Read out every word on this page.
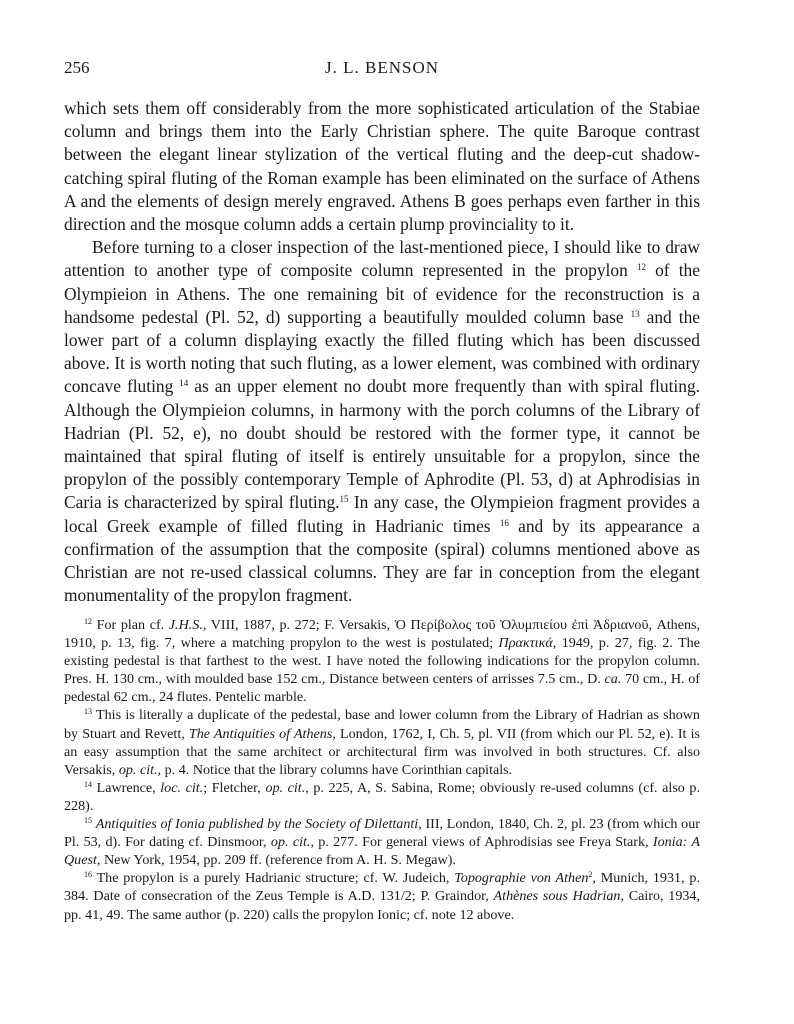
256	J. L. BENSON

which sets them off considerably from the more sophisticated articulation of the Stabiae column and brings them into the Early Christian sphere. The quite Baroque contrast between the elegant linear stylization of the vertical fluting and the deep-cut shadow-catching spiral fluting of the Roman example has been eliminated on the surface of Athens A and the elements of design merely engraved. Athens B goes perhaps even farther in this direction and the mosque column adds a certain plump provinciality to it.

Before turning to a closer inspection of the last-mentioned piece, I should like to draw attention to another type of composite column represented in the propylon $^{12}$ of the Olympieion in Athens. The one remaining bit of evidence for the reconstruction is a handsome pedestal (Pl. 52, d) supporting a beautifully moulded column base $^{13}$ and the lower part of a column displaying exactly the filled fluting which has been discussed above. It is worth noting that such fluting, as a lower element, was combined with ordinary concave fluting $^{14}$ as an upper element no doubt more frequently than with spiral fluting. Although the Olympieion columns, in harmony with the porch columns of the Library of Hadrian (Pl. 52, e), no doubt should be restored with the former type, it cannot be maintained that spiral fluting of itself is entirely unsuitable for a propylon, since the propylon of the possibly contemporary Temple of Aphrodite (Pl. 53, d) at Aphrodisias in Caria is characterized by spiral fluting.$^{15}$ In any case, the Olympieion fragment provides a local Greek example of filled fluting in Hadrianic times $^{16}$ and by its appearance a confirmation of the assumption that the composite (spiral) columns mentioned above as Christian are not re-used classical columns. They are far in conception from the elegant monumentality of the propylon fragment.

$^{12}$ For plan cf. J.H.S., VIII, 1887, p. 272; F. Versakis, Ὁ Περίβολος τοῦ Ὀλυμπιείου ἐπὶ Ἀδριανοῦ, Athens, 1910, p. 13, fig. 7, where a matching propylon to the west is postulated; Πρακτικά, 1949, p. 27, fig. 2. The existing pedestal is that farthest to the west. I have noted the following indications for the propylon column. Pres. H. 130 cm., with moulded base 152 cm., Distance between centers of arrisses 7.5 cm., D. ca. 70 cm., H. of pedestal 62 cm., 24 flutes. Pentelic marble.

$^{13}$ This is literally a duplicate of the pedestal, base and lower column from the Library of Hadrian as shown by Stuart and Revett, The Antiquities of Athens, London, 1762, I, Ch. 5, pl. VII (from which our Pl. 52, e). It is an easy assumption that the same architect or architectural firm was involved in both structures. Cf. also Versakis, op. cit., p. 4. Notice that the library columns have Corinthian capitals.

$^{14}$ Lawrence, loc. cit.; Fletcher, op. cit., p. 225, A, S. Sabina, Rome; obviously re-used columns (cf. also p. 228).

$^{15}$ Antiquities of Ionia published by the Society of Dilettanti, III, London, 1840, Ch. 2, pl. 23 (from which our Pl. 53, d). For dating cf. Dinsmoor, op. cit., p. 277. For general views of Aphrodisias see Freya Stark, Ionia: A Quest, New York, 1954, pp. 209 ff. (reference from A. H. S. Megaw).

$^{16}$ The propylon is a purely Hadrianic structure; cf. W. Judeich, Topographie von Athen$^2$, Munich, 1931, p. 384. Date of consecration of the Zeus Temple is A.D. 131/2; P. Graindor, Athènes sous Hadrian, Cairo, 1934, pp. 41, 49. The same author (p. 220) calls the propylon Ionic; cf. note 12 above.
